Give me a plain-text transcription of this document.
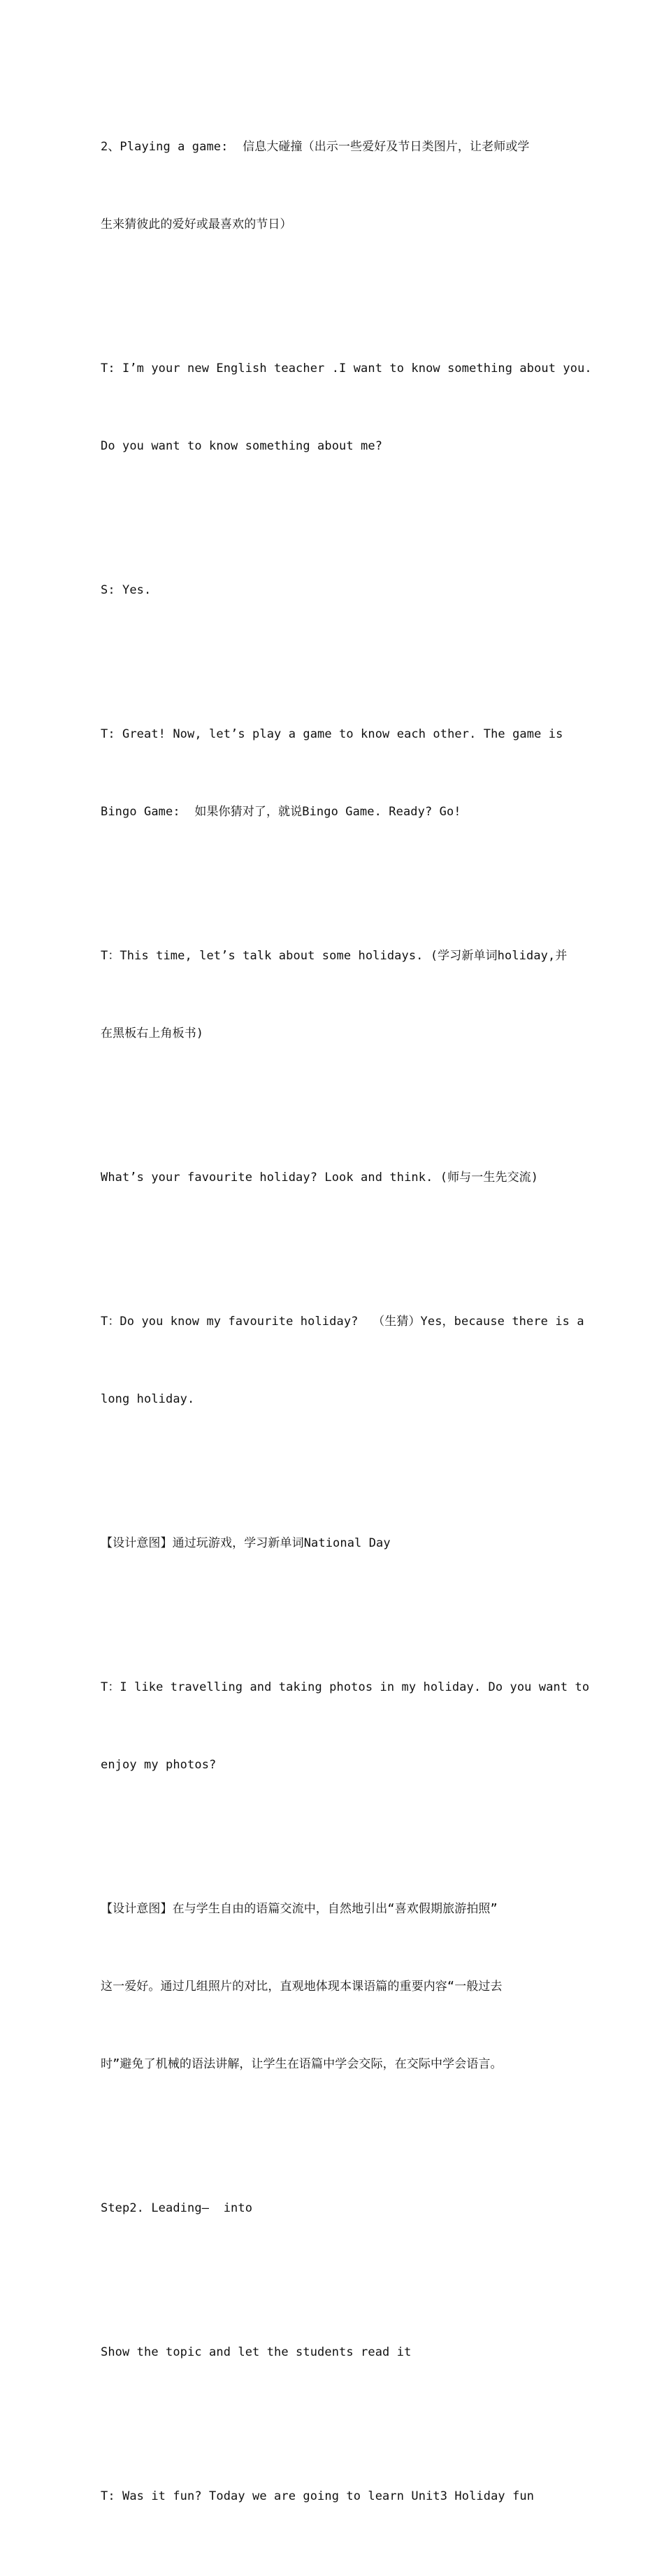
2、Playing a game:  信息大碰撞（出示一些爱好及节日类图片，让老师或学

生来猜彼此的爱好或最喜欢的节日）

T: I’m your new English teacher .I want to know something about you.

Do you want to know something about me?

S: Yes.

T: Great! Now, let’s play a game to know each other. The game is

Bingo Game:  如果你猜对了，就说Bingo Game. Ready? Go!

T：This time, let’s talk about some holidays. (学习新单词holiday,并

在黑板右上角板书)

What’s your favourite holiday? Look and think. (师与一生先交流)

T：Do you know my favourite holiday?  （生猜）Yes，because there is a

long holiday.

【设计意图】通过玩游戏，学习新单词National Day

T：I like travelling and taking photos in my holiday. Do you want to

enjoy my photos?

【设计意图】在与学生自由的语篇交流中，自然地引出“喜欢假期旅游拍照”

这一爱好。通过几组照片的对比，直观地体现本课语篇的重要内容“一般过去

时”避免了机械的语法讲解，让学生在语篇中学会交际，在交际中学会语言。

Step2. Leading—  into

Show the topic and let the students read it

T: Was it fun? Today we are going to learn Unit3 Holiday fun
